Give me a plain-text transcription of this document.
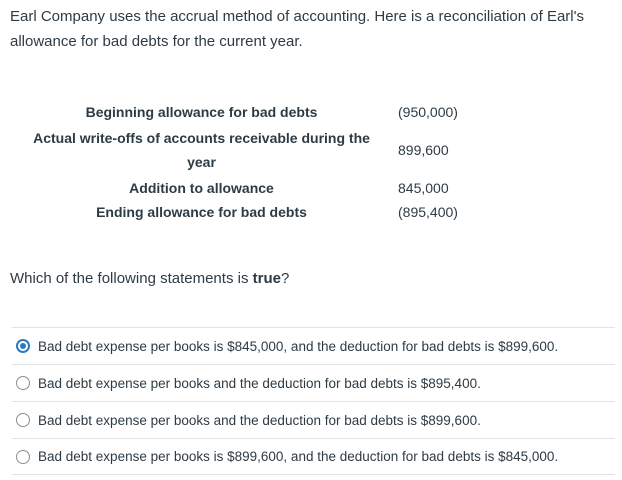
Earl Company uses the accrual method of accounting. Here is a reconciliation of Earl's allowance for bad debts for the current year.

Beginning allowance for bad debts	(950,000)
Actual write-offs of accounts receivable during the year	899,600
Addition to allowance	845,000
Ending allowance for bad debts	(895,400)

Which of the following statements is true?

Bad debt expense per books is $845,000, and the deduction for bad debts is $899,600.
Bad debt expense per books and the deduction for bad debts is $895,400.
Bad debt expense per books and the deduction for bad debts is $899,600.
Bad debt expense per books is $899,600, and the deduction for bad debts is $845,000.
